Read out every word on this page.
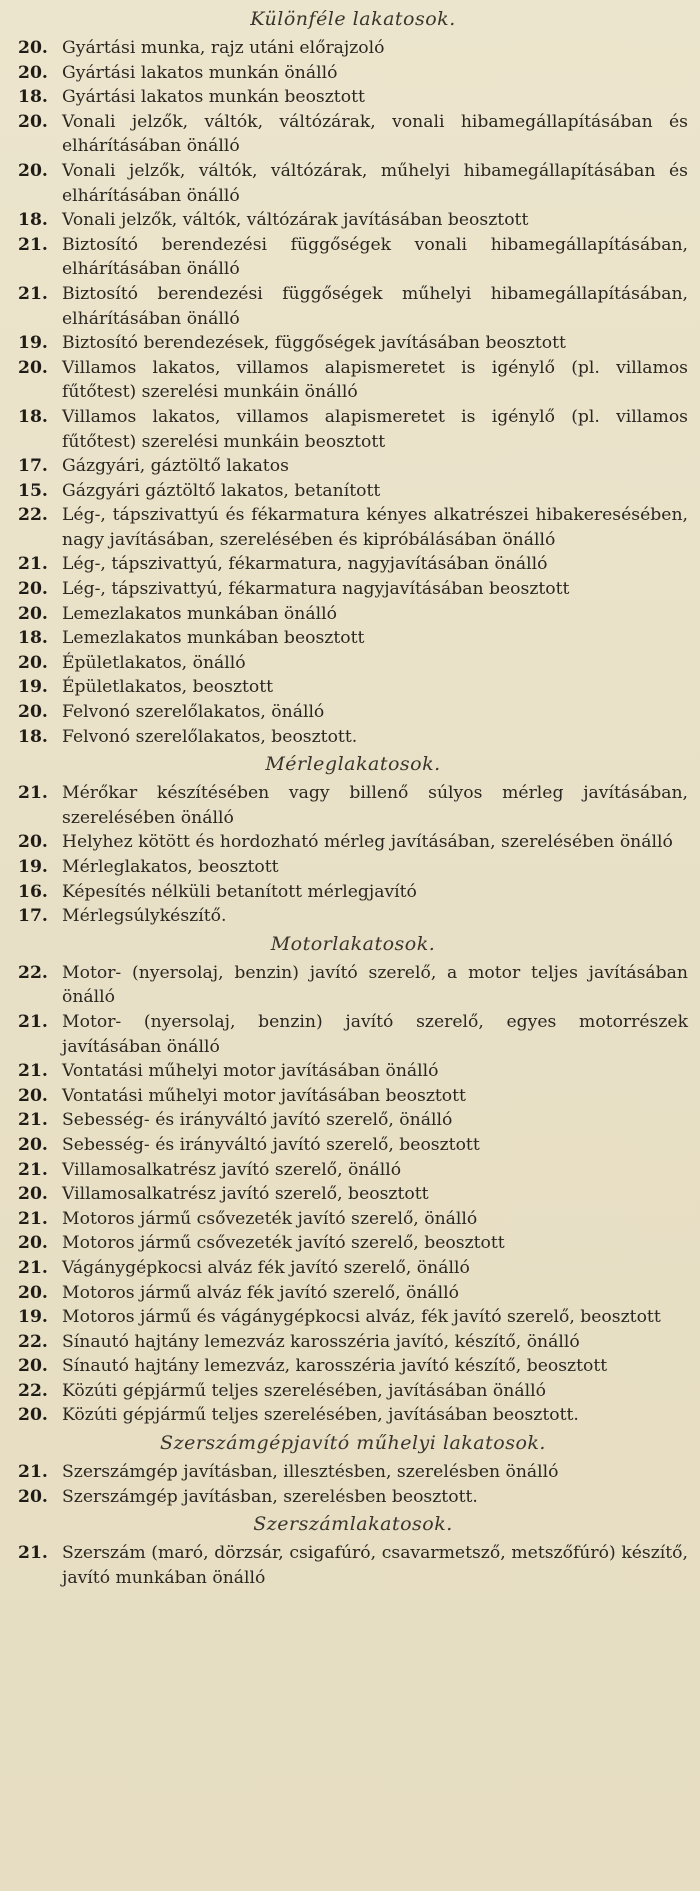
Különféle lakatosok.
20. Gyártási munka, rajz utáni előrajzoló
20. Gyártási lakatos munkán önálló
18. Gyártási lakatos munkán beosztott
20. Vonali jelzők, váltók, váltózárak, vonali hibamegállapításában és elhárításában önálló
20. Vonali jelzők, váltók, váltózárak, műhelyi hibamegállapításában és elhárításában önálló
18. Vonali jelzők, váltók, váltózárak javításában beosztott
21. Biztosító berendezési függőségek vonali hibamegállapításában, elhárításában önálló
21. Biztosító berendezési függőségek műhelyi hibamegállapításában, elhárításában önálló
19. Biztosító berendezések, függőségek javításában beosztott
20. Villamos lakatos, villamos alapismeretet is igénylő (pl. villamos fűtőtest) szerelési munkáin önálló
18. Villamos lakatos, villamos alapismeretet is igénylő (pl. villamos fűtőtest) szerelési munkáin beosztott
17. Gázgyári, gáztöltő lakatos
15. Gázgyári gáztöltő lakatos, betanított
22. Lég-, tápszivattyú és fékarmatura kényes alkatrészei hibakeresésében, nagy javításában, szerelésében és kipróbálásában önálló
21. Lég-, tápszivattyú, fékarmatura, nagyjavításában önálló
20. Lég-, tápszivattyú, fékarmatura nagyjavításában beosztott
20. Lemezlakatos munkában önálló
18. Lemezlakatos munkában beosztott
20. Épületlakatos, önálló
19. Épületlakatos, beosztott
20. Felvonó szerelőlakatos, önálló
18. Felvonó szerelőlakatos, beosztott.
Mérleglakatosok.
21. Mérőkar készítésében vagy billenő súlyos mérleg javításában, szerelésében önálló
20. Helyhez kötött és hordozható mérleg javításában, szerelésében önálló
19. Mérleglakatos, beosztott
16. Képesítés nélküli betanított mérlegjavító
17. Mérlegsúlykészítő.
Motorlakatosok.
22. Motor- (nyersolaj, benzin) javító szerelő, a motor teljes javításában önálló
21. Motor- (nyersolaj, benzin) javító szerelő, egyes motorrészek javításában önálló
21. Vontatási műhelyi motor javításában önálló
20. Vontatási műhelyi motor javításában beosztott
21. Sebesség- és irányváltó javító szerelő, önálló
20. Sebesség- és irányváltó javító szerelő, beosztott
21. Villamosalkatrész javító szerelő, önálló
20. Villamosalkatrész javító szerelő, beosztott
21. Motoros jármű csővezeték javító szerelő, önálló
20. Motoros jármű csővezeték javító szerelő, beosztott
21. Vágánygépkocsi alváz fék javító szerelő, önálló
20. Motoros jármű alváz fék javító szerelő, önálló
19. Motoros jármű és vágánygépkocsi alváz, fék javító szerelő, beosztott
22. Sínautó hajtány lemezváz karosszéria javító, készítő, önálló
20. Sínautó hajtány lemezváz, karosszéria javító készítő, beosztott
22. Közúti gépjármű teljes szerelésében, javításában önálló
20. Közúti gépjármű teljes szerelésében, javításában beosztott.
Szerszámgépjavító műhelyi lakatosok.
21. Szerszámgép javításban, illesztésben, szerelésben önálló
20. Szerszámgép javításban, szerelésben beosztott.
Szerszámlakatosok.
21. Szerszám (maró, dörzsár, csigafúró, csavarmetsző, metszőfúró) készítő, javító munkában önálló
